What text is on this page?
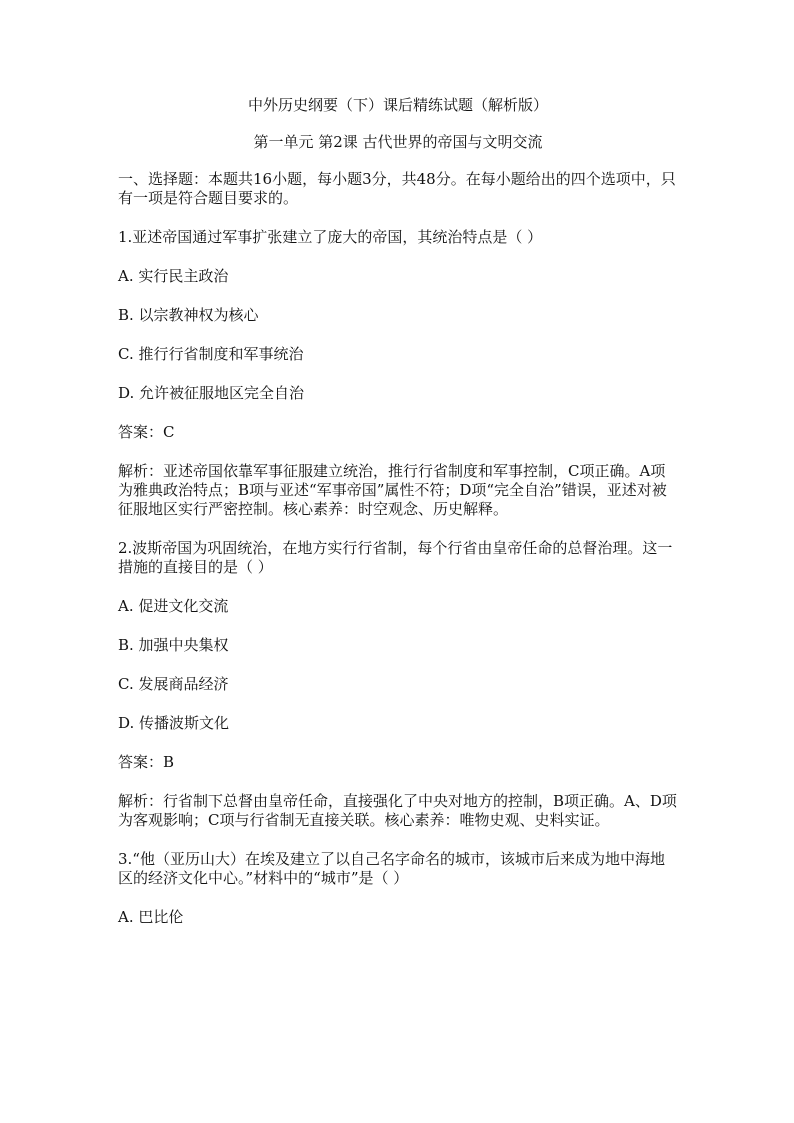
中外历史纲要（下）课后精练试题（解析版）

第一单元 第2课 古代世界的帝国与文明交流

一、选择题：本题共16小题，每小题3分，共48分。在每小题给出的四个选项中，只有一项是符合题目要求的。

1.亚述帝国通过军事扩张建立了庞大的帝国，其统治特点是（ ）

A. 实行民主政治

B. 以宗教神权为核心

C. 推行行省制度和军事统治

D. 允许被征服地区完全自治

答案：C

解析：亚述帝国依靠军事征服建立统治，推行行省制度和军事控制，C项正确。A项为雅典政治特点；B项与亚述“军事帝国”属性不符；D项“完全自治”错误，亚述对被征服地区实行严密控制。核心素养：时空观念、历史解释。

2.波斯帝国为巩固统治，在地方实行行省制，每个行省由皇帝任命的总督治理。这一措施的直接目的是（ ）

A. 促进文化交流

B. 加强中央集权

C. 发展商品经济

D. 传播波斯文化

答案：B

解析：行省制下总督由皇帝任命，直接强化了中央对地方的控制，B项正确。A、D项为客观影响；C项与行省制无直接关联。核心素养：唯物史观、史料实证。

3.“他（亚历山大）在埃及建立了以自己名字命名的城市，该城市后来成为地中海地区的经济文化中心。”材料中的“城市”是（ ）

A. 巴比伦
